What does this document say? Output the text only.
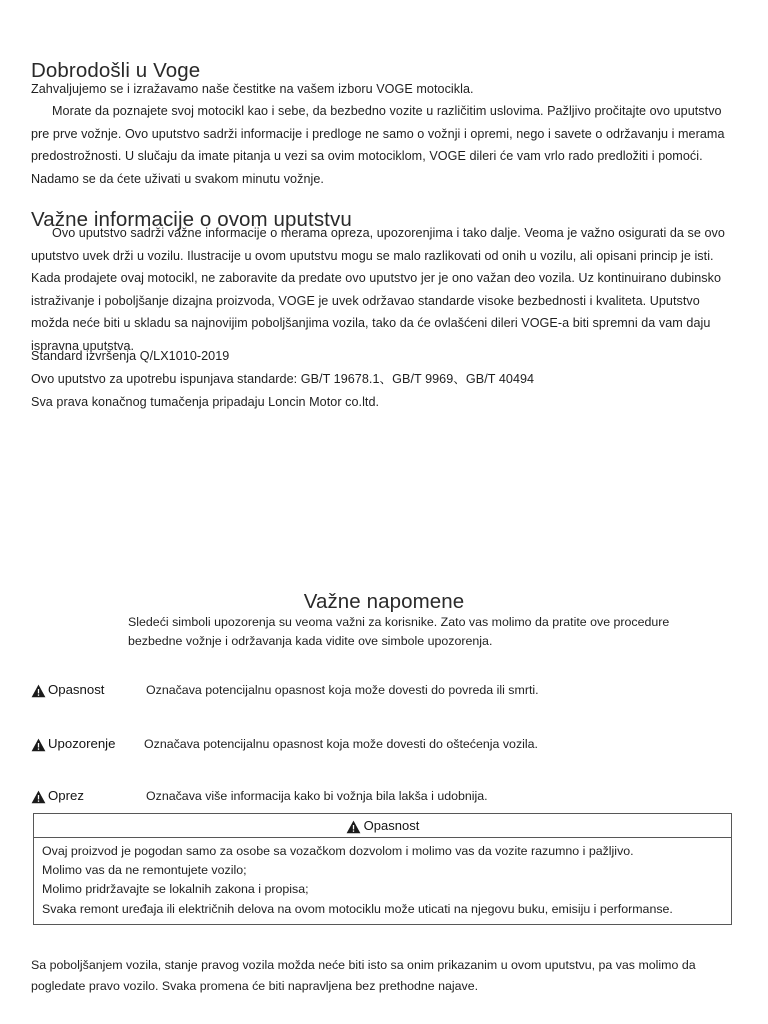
Dobrodošli u Voge
Zahvaljujemo se i izražavamo naše čestitke na vašem izboru VOGE motocikla.
Morate da poznajete svoj motocikl kao i sebe, da bezbedno vozite u različitim uslovima. Pažljivo pročitajte ovo uputstvo pre prve vožnje. Ovo uputstvo sadrži informacije i predloge ne samo o vožnji i opremi, nego i savete o održavanju i merama predostrožnosti. U slučaju da imate pitanja u vezi sa ovim motociklom, VOGE dileri će vam vrlo rado predložiti i pomoći. Nadamo se da ćete uživati u svakom minutu vožnje.
Važne informacije o ovom uputstvu
Ovo uputstvo sadrži važne informacije o merama opreza, upozorenjima i tako dalje. Veoma je važno osigurati da se ovo uputstvo uvek drži u vozilu. Ilustracije u ovom uputstvu mogu se malo razlikovati od onih u vozilu, ali opisani princip je isti. Kada prodajete ovaj motocikl, ne zaboravite da predate ovo uputstvo jer je ono važan deo vozila. Uz kontinuirano dubinsko istraživanje i poboljšanje dizajna proizvoda, VOGE je uvek održavao standarde visoke bezbednosti i kvaliteta. Uputstvo možda neće biti u skladu sa najnovijim poboljšanjima vozila, tako da će ovlašćeni dileri VOGE-a biti spremni da vam daju ispravna uputstva.
Standard izvršenja Q/LX1010-2019
Ovo uputstvo za upotrebu ispunjava standarde: GB/T 19678.1、GB/T 9969、GB/T 40494
Sva prava konačnog tumačenja pripadaju Loncin Motor co.ltd.
Važne napomene
Sledeći simboli upozorenja su veoma važni za korisnike. Zato vas molimo da pratite ove procedure bezbedne vožnje i održavanja kada vidite ove simbole upozorenja.
Opasnost	Označava potencijalnu opasnost koja može dovesti do povreda ili smrti.
Upozorenje Označava potencijalnu opasnost koja može dovesti do oštećenja vozila.
Oprez	Označava više informacija kako bi vožnja bila lakša i udobnija.
Opasnost
Ovaj proizvod je pogodan samo za osobe sa vozačkom dozvolom i molimo vas da vozite razumno i pažljivo.
Molimo vas da ne remontujete vozilo;
Molimo pridržavajte se lokalnih zakona i propisa;
Svaka remont uređaja ili električnih delova na ovom motociklu može uticati na njegovu buku, emisiju i performanse.
Sa poboljšanjem vozila, stanje pravog vozila možda neće biti isto sa onim prikazanim u ovom uputstvu, pa vas molimo da pogledate pravo vozilo. Svaka promena će biti napravljena bez prethodne najave.
